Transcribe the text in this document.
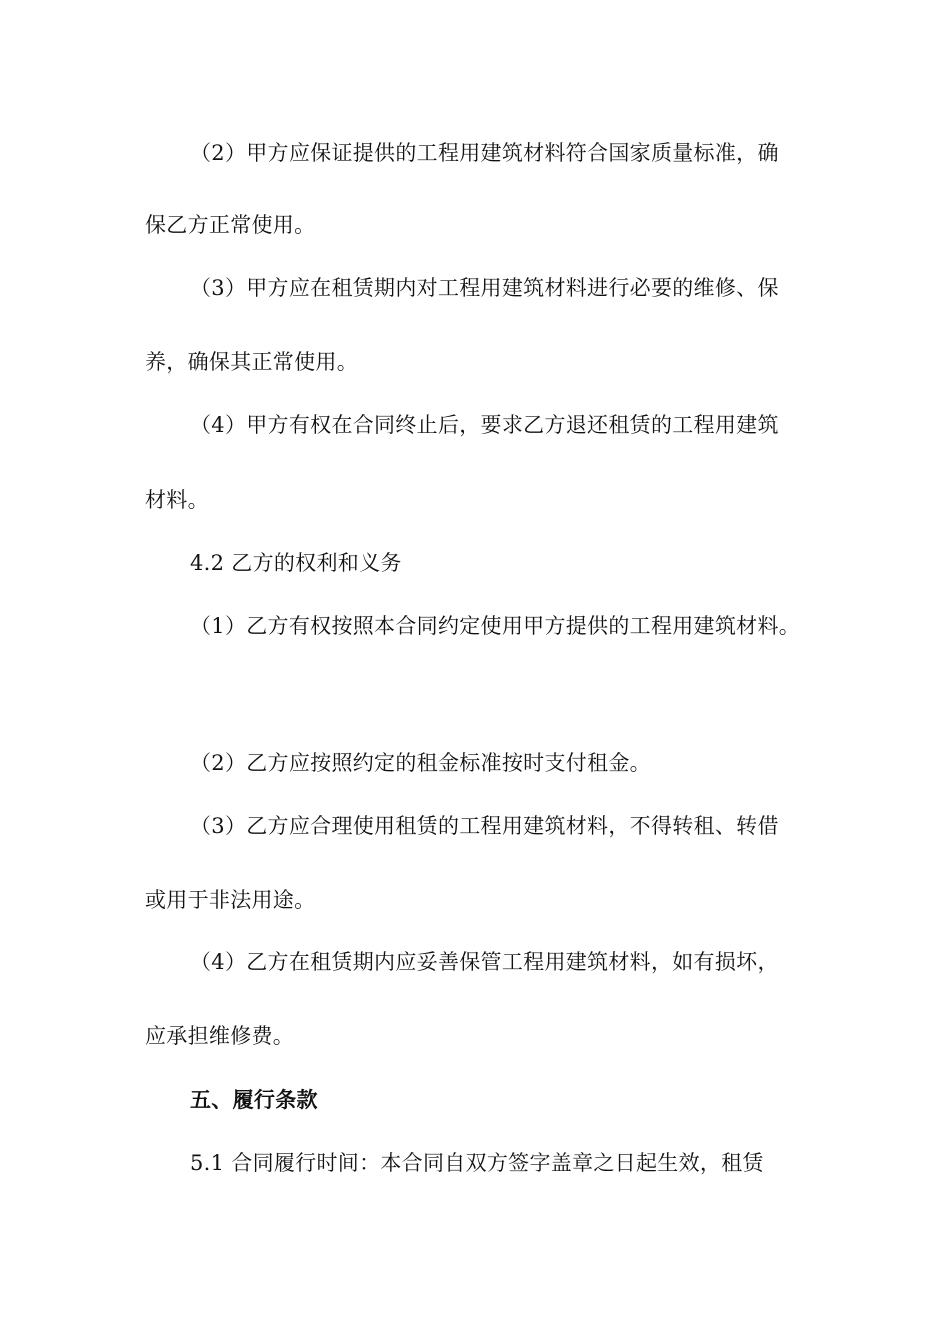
（2）甲方应保证提供的工程用建筑材料符合国家质量标准，确
保乙方正常使用。
（3）甲方应在租赁期内对工程用建筑材料进行必要的维修、保
养，确保其正常使用。
（4）甲方有权在合同终止后，要求乙方退还租赁的工程用建筑
材料。
4.2 乙方的权利和义务
（1）乙方有权按照本合同约定使用甲方提供的工程用建筑材料。
（2）乙方应按照约定的租金标准按时支付租金。
（3）乙方应合理使用租赁的工程用建筑材料，不得转租、转借
或用于非法用途。
（4）乙方在租赁期内应妥善保管工程用建筑材料，如有损坏，
应承担维修费。
五、履行条款
5.1 合同履行时间：本合同自双方签字盖章之日起生效，租赁
